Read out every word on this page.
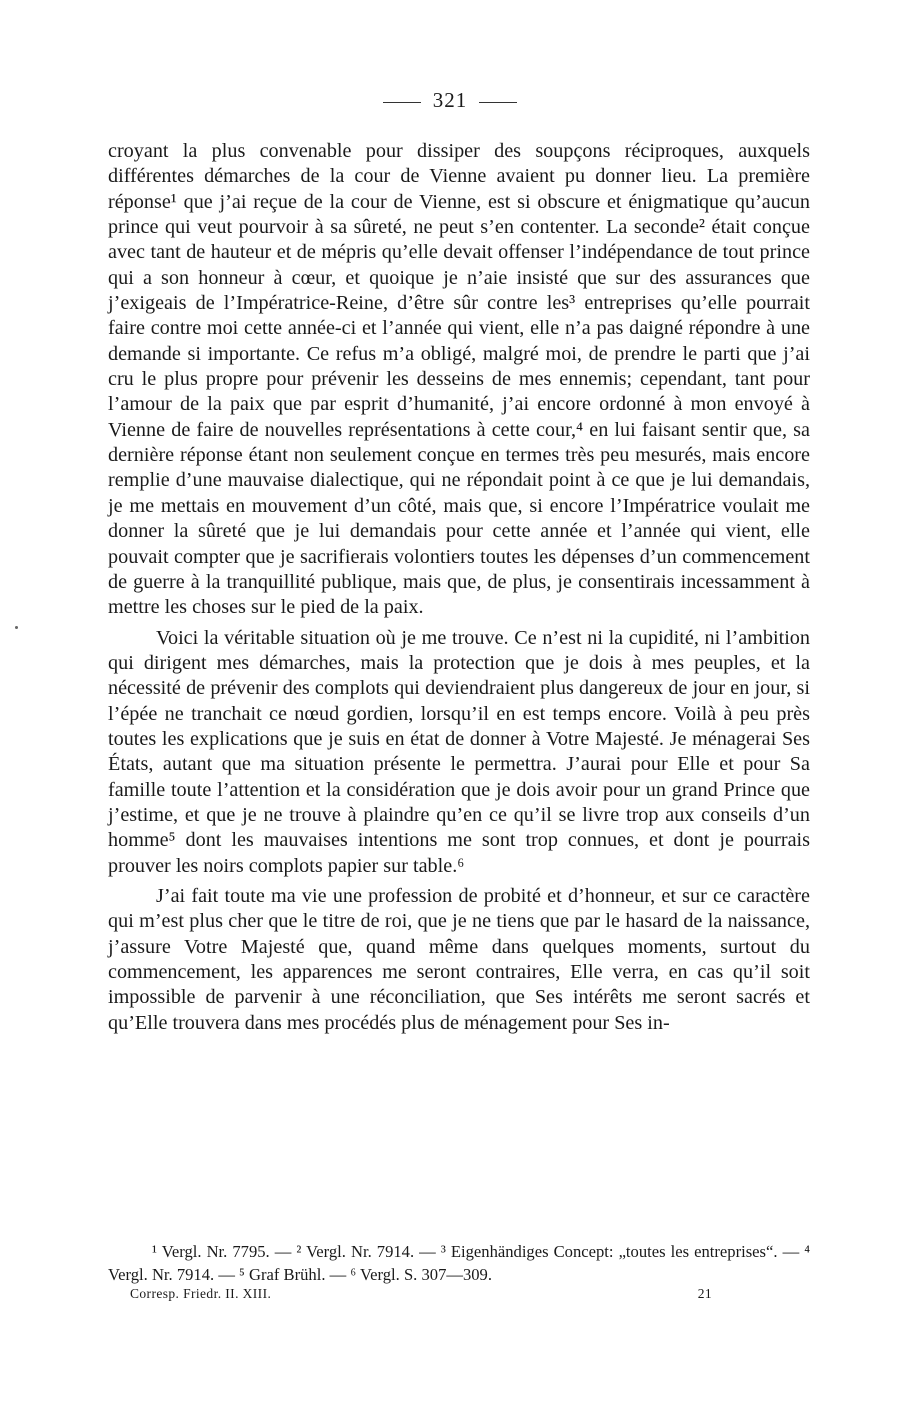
321

croyant la plus convenable pour dissiper des soupçons réciproques, auxquels différentes démarches de la cour de Vienne avaient pu donner lieu. La première réponse¹ que j’ai reçue de la cour de Vienne, est si obscure et énigmatique qu’aucun prince qui veut pourvoir à sa sûreté, ne peut s’en contenter. La seconde² était conçue avec tant de hauteur et de mépris qu’elle devait offenser l’indépendance de tout prince qui a son honneur à cœur, et quoique je n’aie insisté que sur des assurances que j’exigeais de l’Impératrice-Reine, d’être sûr contre les³ entreprises qu’elle pourrait faire contre moi cette année-ci et l’année qui vient, elle n’a pas daigné répondre à une demande si importante. Ce refus m’a obligé, malgré moi, de prendre le parti que j’ai cru le plus propre pour prévenir les desseins de mes ennemis; cependant, tant pour l’amour de la paix que par esprit d’humanité, j’ai encore ordonné à mon envoyé à Vienne de faire de nouvelles représentations à cette cour,⁴ en lui faisant sentir que, sa dernière réponse étant non seulement conçue en termes très peu mesurés, mais encore remplie d’une mauvaise dialectique, qui ne répondait point à ce que je lui demandais, je me mettais en mouvement d’un côté, mais que, si encore l’Impératrice voulait me donner la sûreté que je lui demandais pour cette année et l’année qui vient, elle pouvait compter que je sacrifierais volontiers toutes les dépenses d’un commencement de guerre à la tranquillité publique, mais que, de plus, je consentirais incessamment à mettre les choses sur le pied de la paix.

Voici la véritable situation où je me trouve. Ce n’est ni la cupidité, ni l’ambition qui dirigent mes démarches, mais la protection que je dois à mes peuples, et la nécessité de prévenir des complots qui deviendraient plus dangereux de jour en jour, si l’épée ne tranchait ce nœud gordien, lorsqu’il en est temps encore. Voilà à peu près toutes les explications que je suis en état de donner à Votre Majesté. Je ménagerai Ses États, autant que ma situation présente le permettra. J’aurai pour Elle et pour Sa famille toute l’attention et la considération que je dois avoir pour un grand Prince que j’estime, et que je ne trouve à plaindre qu’en ce qu’il se livre trop aux conseils d’un homme⁵ dont les mauvaises intentions me sont trop connues, et dont je pourrais prouver les noirs complots papier sur table.⁶

J’ai fait toute ma vie une profession de probité et d’honneur, et sur ce caractère qui m’est plus cher que le titre de roi, que je ne tiens que par le hasard de la naissance, j’assure Votre Majesté que, quand même dans quelques moments, surtout du commencement, les apparences me seront contraires, Elle verra, en cas qu’il soit impossible de parvenir à une réconciliation, que Ses intérêts me seront sacrés et qu’Elle trouvera dans mes procédés plus de ménagement pour Ses in-

¹ Vergl. Nr. 7795. — ² Vergl. Nr. 7914. — ³ Eigenhändiges Concept: „toutes les entreprises“. — ⁴ Vergl. Nr. 7914. — ⁵ Graf Brühl. — ⁶ Vergl. S. 307—309.

Corresp. Friedr. II. XIII.	21
